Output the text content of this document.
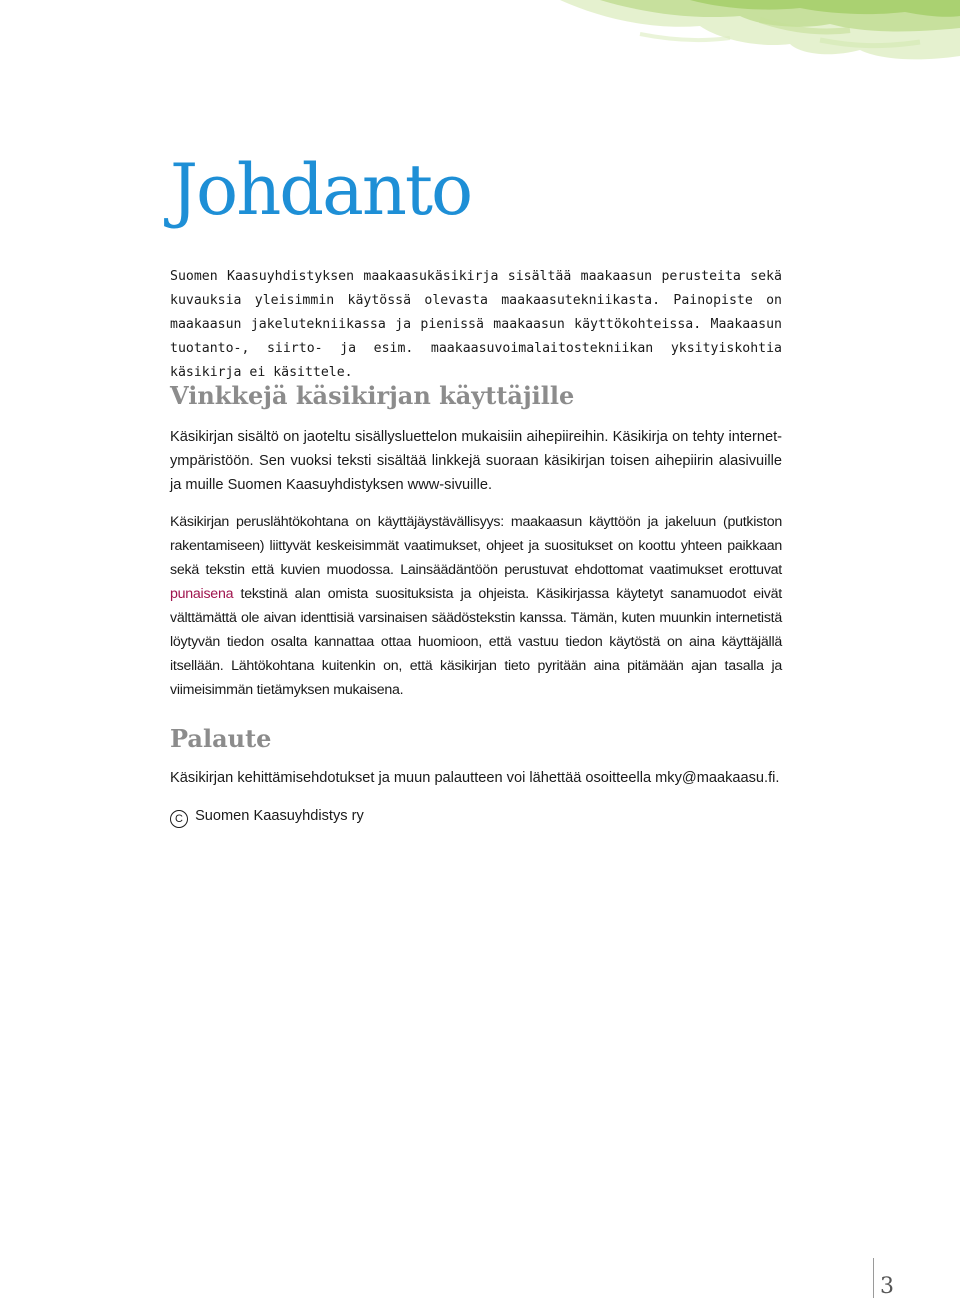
Johdanto

Suomen Kaasuyhdistyksen maakaasukäsikirja sisältää maakaasun perusteita sekä kuvauksia yleisimmin käytössä olevasta maakaasutekniikasta. Painopiste on maakaasun jakelutekniikassa ja pienissä maakaasun käyttökohteissa. Maakaasun tuotanto-, siirto- ja esim. maakaasuvoimalaitostekniikan yksityiskohtia käsikirja ei käsittele.

Vinkkejä käsikirjan käyttäjille

Käsikirjan sisältö on jaoteltu sisällysluettelon mukaisiin aihepiireihin. Käsikirja on tehty internet-ympäristöön. Sen vuoksi teksti sisältää linkkejä suoraan käsikirjan toisen aihepiirin alasivuille ja muille Suomen Kaasuyhdistyksen www-sivuille.

Käsikirjan peruslähtökohtana on käyttäjäystävällisyys: maakaasun käyttöön ja jakeluun (putkiston rakentamiseen) liittyvät keskeisimmät vaatimukset, ohjeet ja suositukset on koottu yhteen paikkaan sekä tekstin että kuvien muodossa. Lainsäädäntöön perustuvat ehdottomat vaatimukset erottuvat punaisena tekstinä alan omista suosituksista ja ohjeista. Käsikirjassa käytetyt sanamuodot eivät välttämättä ole aivan identtisiä varsinaisen säädöstekstin kanssa. Tämän, kuten muunkin internetistä löytyvän tiedon osalta kannattaa ottaa huomioon, että vastuu tiedon käytöstä on aina käyttäjällä itsellään. Lähtökohtana kuitenkin on, että käsikirjan tieto pyritään aina pitämään ajan tasalla ja viimeisimmän tietämyksen mukaisena.

Palaute

Käsikirjan kehittämisehdotukset ja muun palautteen voi lähettää osoitteella mky@maakaasu.fi.

C Suomen Kaasuyhdistys ry
3
